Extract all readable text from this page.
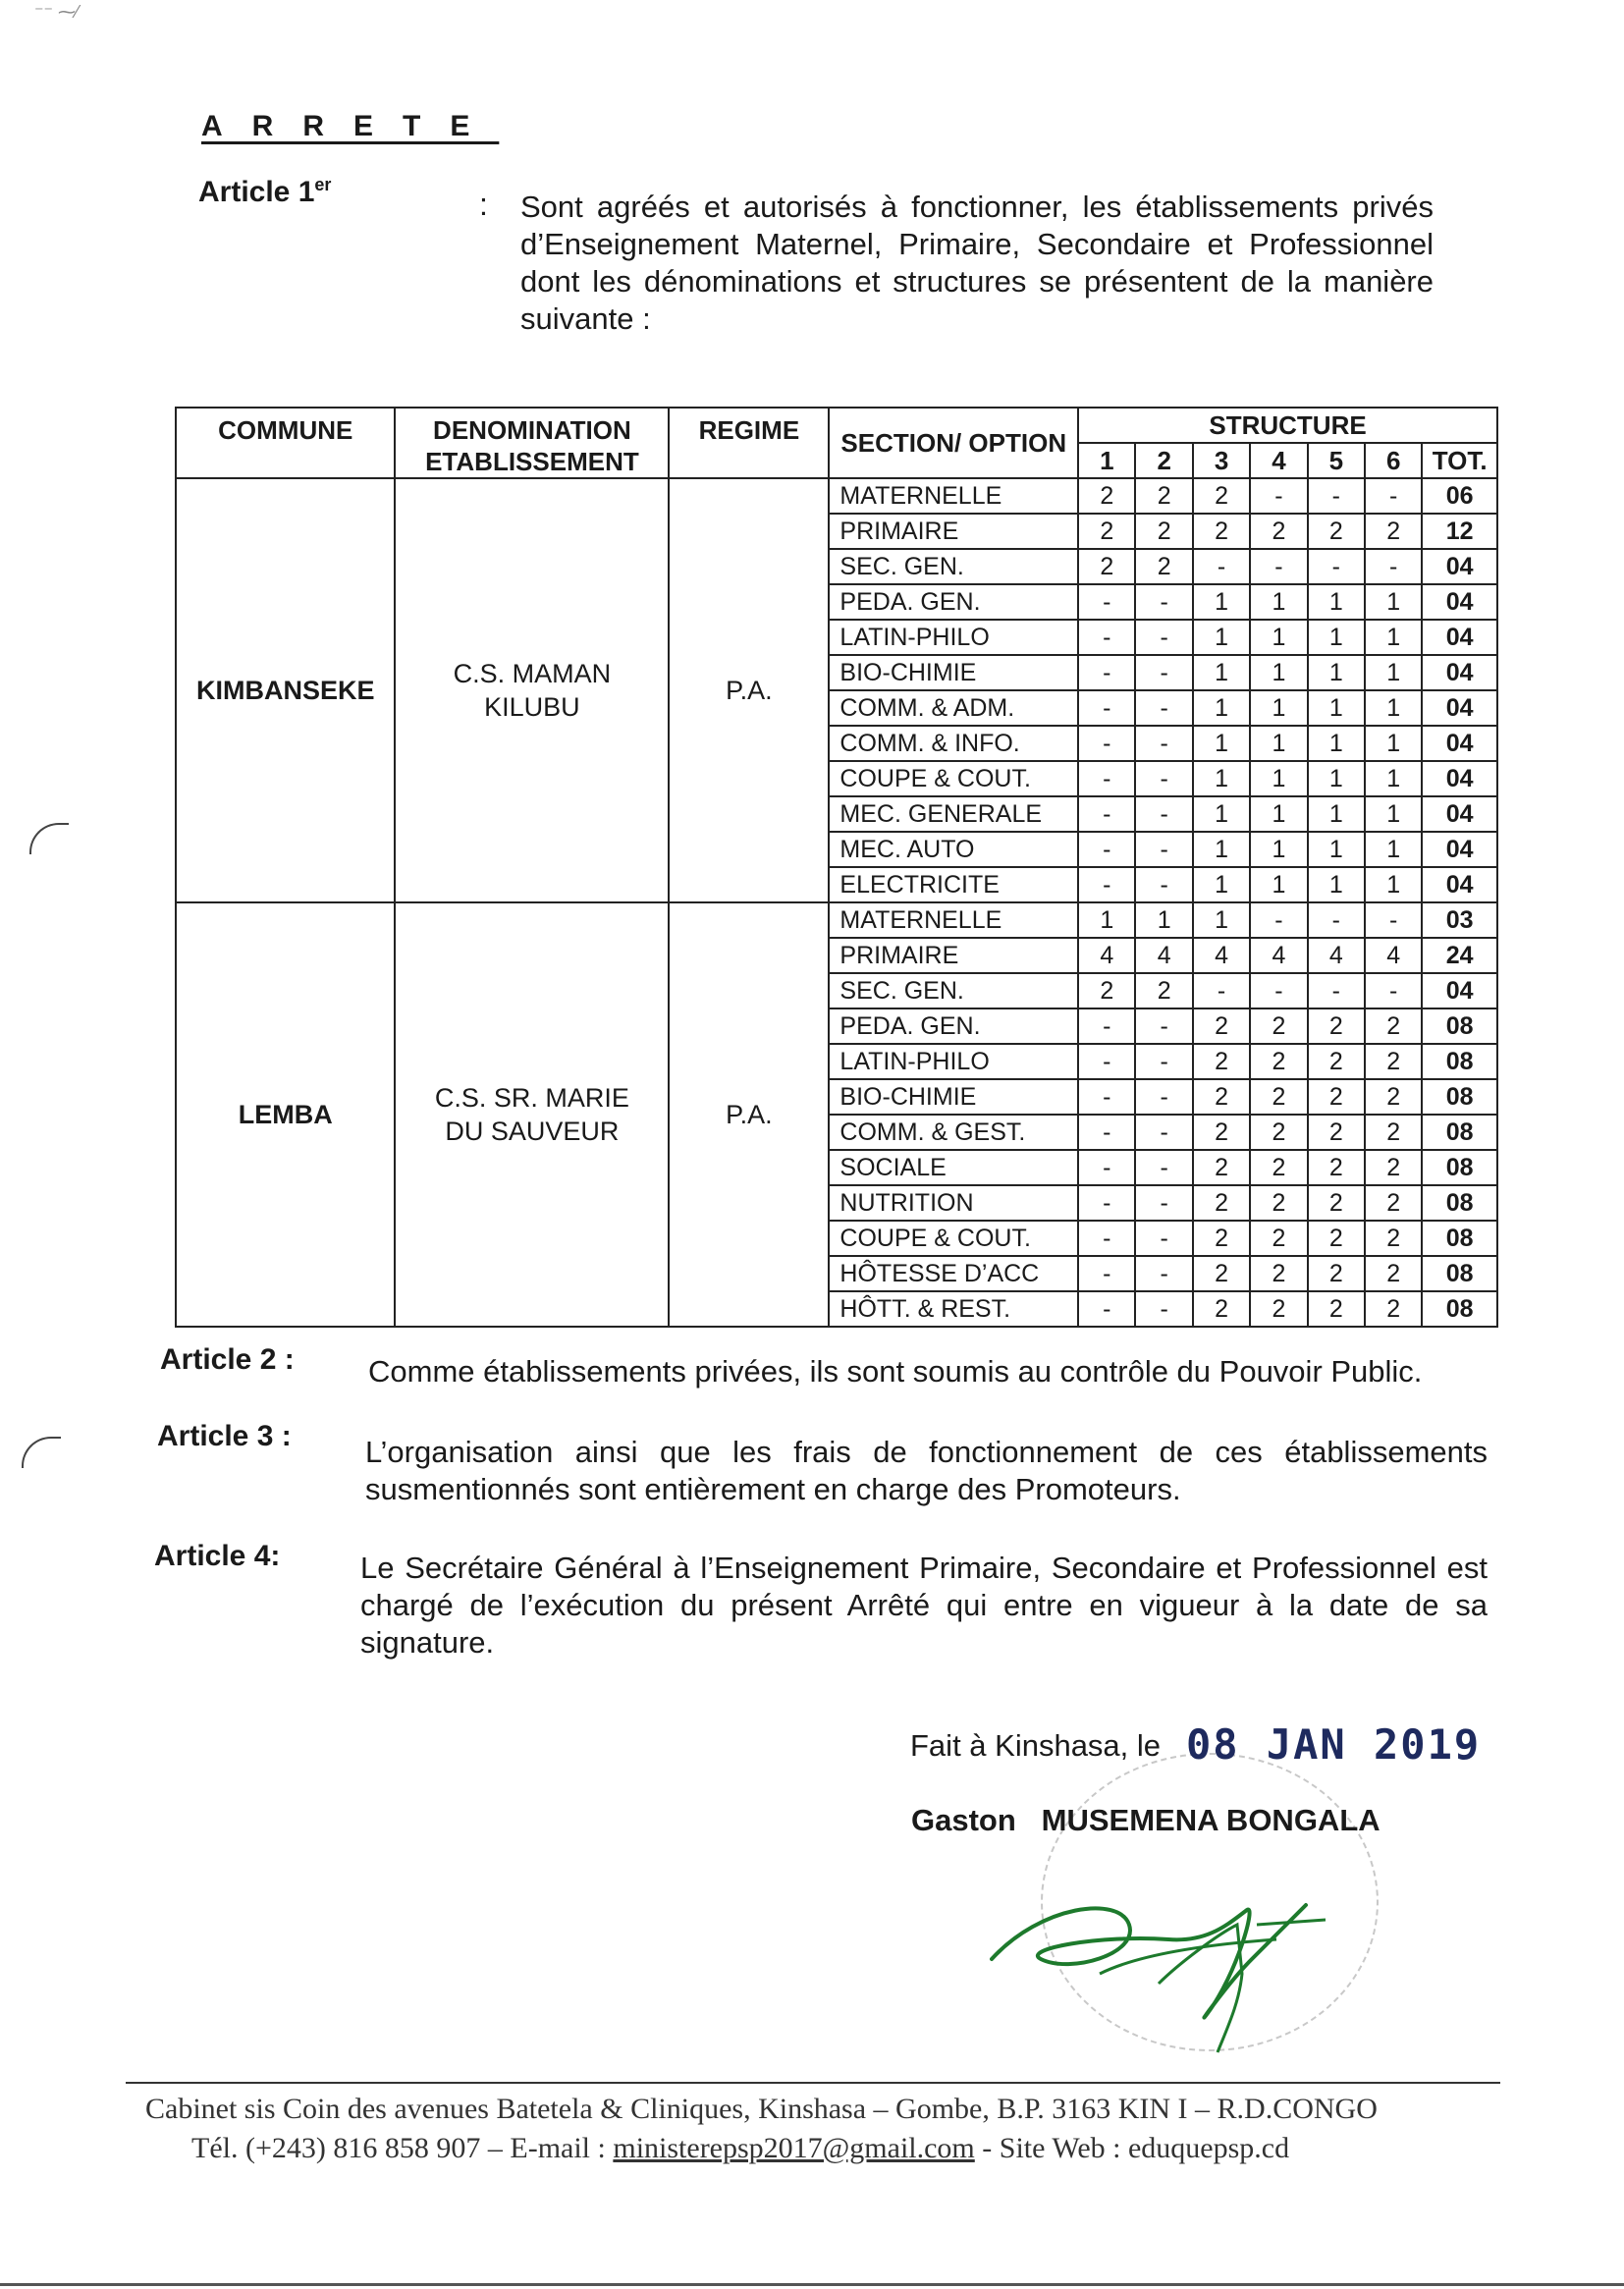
⁻⁻ ⁓⁄
ARRETE
Article 1er
: Sont agréés et autorisés à fonctionner, les établissements privés d’Enseignement Maternel, Primaire, Secondaire et Professionnel dont les dénominations et structures se présentent de la manière suivante :
COMMUNE	DENOMINATION ETABLISSEMENT	REGIME	SECTION/ OPTION	STRUCTURE						
				1	2	3	4	5	6	TOT.
KIMBANSEKE	C.S. MAMAN KILUBU	P.A.	MATERNELLE	2	2	2	-	-	-	06
			PRIMAIRE	2	2	2	2	2	2	12
			SEC. GEN.	2	2	-	-	-	-	04
			PEDA. GEN.	-	-	1	1	1	1	04
			LATIN-PHILO	-	-	1	1	1	1	04
			BIO-CHIMIE	-	-	1	1	1	1	04
			COMM. & ADM.	-	-	1	1	1	1	04
			COMM. & INFO.	-	-	1	1	1	1	04
			COUPE & COUT.	-	-	1	1	1	1	04
			MEC. GENERALE	-	-	1	1	1	1	04
			MEC. AUTO	-	-	1	1	1	1	04
			ELECTRICITE	-	-	1	1	1	1	04
LEMBA	C.S. SR. MARIE DU SAUVEUR	P.A.	MATERNELLE	1	1	1	-	-	-	03
			PRIMAIRE	4	4	4	4	4	4	24
			SEC. GEN.	2	2	-	-	-	-	04
			PEDA. GEN.	-	-	2	2	2	2	08
			LATIN-PHILO	-	-	2	2	2	2	08
			BIO-CHIMIE	-	-	2	2	2	2	08
			COMM. & GEST.	-	-	2	2	2	2	08
			SOCIALE	-	-	2	2	2	2	08
			NUTRITION	-	-	2	2	2	2	08
			COUPE & COUT.	-	-	2	2	2	2	08
			HÔTESSE D’ACC	-	-	2	2	2	2	08
			HÔTT. & REST.	-	-	2	2	2	2	08
Article 2 : Comme établissements privées, ils sont soumis au contrôle du Pouvoir Public.
Article 3 : L’organisation ainsi que les frais de fonctionnement de ces établissements susmentionnés sont entièrement en charge des Promoteurs.
Article 4:	Le Secrétaire Général à l’Enseignement Primaire, Secondaire et Professionnel est chargé de l’exécution du présent Arrêté qui entre en vigueur à la date de sa signature.
Fait à Kinshasa, le 08 JAN 2019
Gaston   MUSEMENA BONGALA
Cabinet sis Coin des avenues Batetela & Cliniques, Kinshasa – Gombe, B.P. 3163 KIN I – R.D.CONGO
Tél. (+243) 816 858 907 – E-mail : ministerepsp2017@gmail.com - Site Web : eduquepsp.cd
